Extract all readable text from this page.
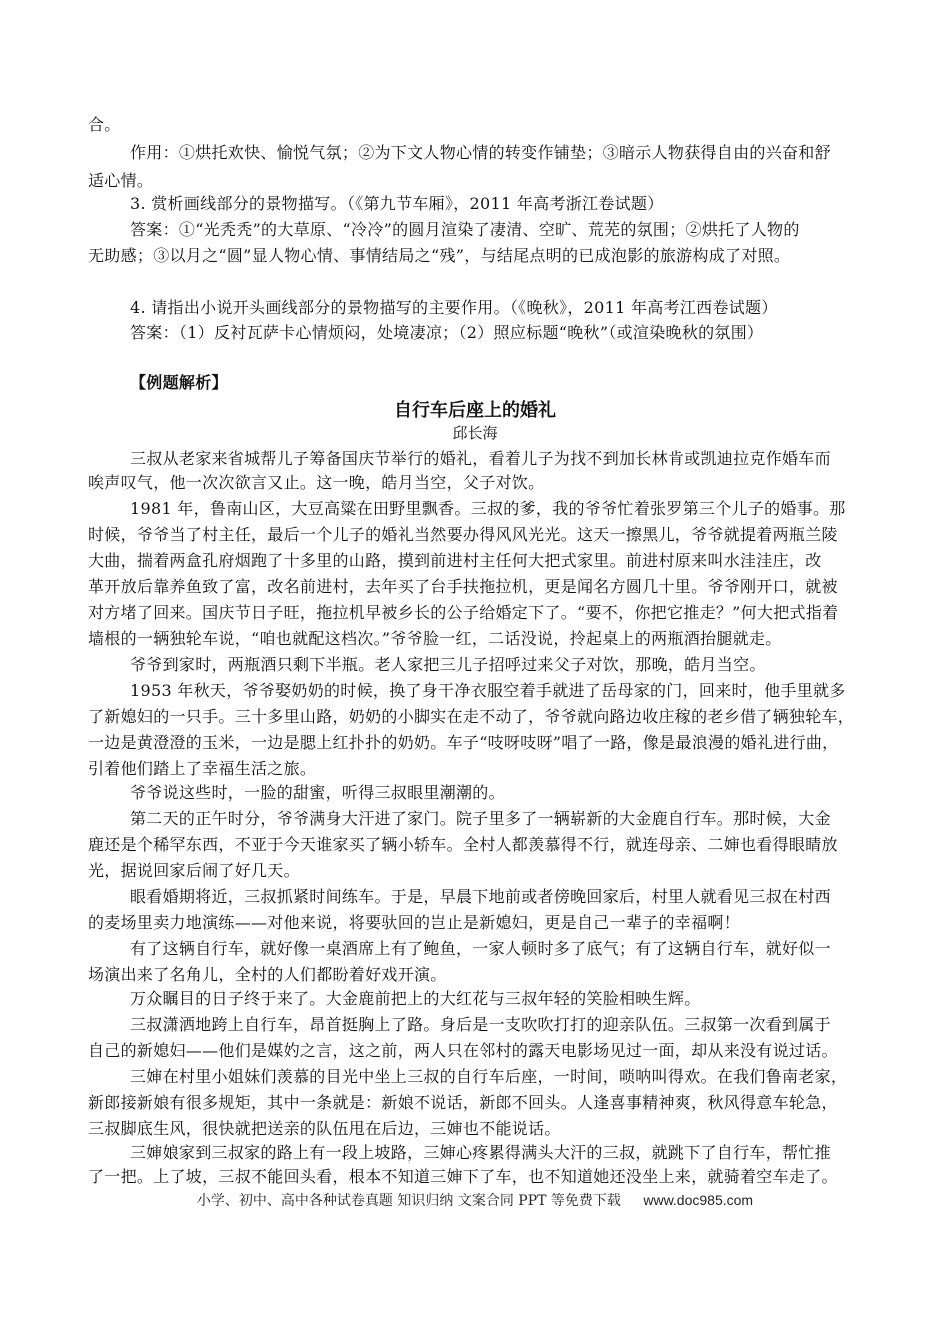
合。
作用：①烘托欢快、愉悦气氛；②为下文人物心情的转变作铺垫；③暗示人物获得自由的兴奋和舒
适心情。
3. 赏析画线部分的景物描写。（《第九节车厢》，2011 年高考浙江卷试题）
答案：①“光秃秃”的大草原、“冷冷”的圆月渲染了凄清、空旷、荒芜的氛围；②烘托了人物的
无助感；③以月之“圆”显人物心情、事情结局之“残”，与结尾点明的已成泡影的旅游构成了对照。
4. 请指出小说开头画线部分的景物描写的主要作用。（《晚秋》，2011 年高考江西卷试题）
答案：（1）反衬瓦萨卡心情烦闷，处境凄凉；（2）照应标题“晚秋”（或渲染晚秋的氛围）
【例题解析】
自行车后座上的婚礼
邱长海
三叔从老家来省城帮儿子筹备国庆节举行的婚礼，看着儿子为找不到加长林肯或凯迪拉克作婚车而
唉声叹气，他一次次欲言又止。这一晚，皓月当空，父子对饮。
1981 年，鲁南山区，大豆高粱在田野里飘香。三叔的爹，我的爷爷忙着张罗第三个儿子的婚事。那
时候，爷爷当了村主任，最后一个儿子的婚礼当然要办得风风光光。这天一擦黑儿，爷爷就提着两瓶兰陵
大曲，揣着两盒孔府烟跑了十多里的山路，摸到前进村主任何大把式家里。前进村原来叫水洼洼庄，改
革开放后靠养鱼致了富，改名前进村，去年买了台手扶拖拉机，更是闻名方圆几十里。爷爷刚开口，就被
对方堵了回来。国庆节日子旺，拖拉机早被乡长的公子给婚定下了。“要不，你把它推走？”何大把式指着
墙根的一辆独轮车说，“咱也就配这档次。”爷爷脸一红，二话没说，拎起桌上的两瓶酒抬腿就走。
爷爷到家时，两瓶酒只剩下半瓶。老人家把三儿子招呼过来父子对饮，那晚，皓月当空。
1953 年秋天，爷爷娶奶奶的时候，换了身干净衣服空着手就进了岳母家的门，回来时，他手里就多
了新媳妇的一只手。三十多里山路，奶奶的小脚实在走不动了，爷爷就向路边收庄稼的老乡借了辆独轮车，
一边是黄澄澄的玉米，一边是腮上红扑扑的奶奶。车子“吱呀吱呀”唱了一路，像是最浪漫的婚礼进行曲，
引着他们踏上了幸福生活之旅。
爷爷说这些时，一脸的甜蜜，听得三叔眼里潮潮的。
第二天的正午时分，爷爷满身大汗进了家门。院子里多了一辆崭新的大金鹿自行车。那时候，大金
鹿还是个稀罕东西，不亚于今天谁家买了辆小轿车。全村人都羡慕得不行，就连母亲、二婶也看得眼睛放
光，据说回家后闹了好几天。
眼看婚期将近，三叔抓紧时间练车。于是，早晨下地前或者傍晚回家后，村里人就看见三叔在村西
的麦场里卖力地演练——对他来说，将要驮回的岂止是新媳妇，更是自己一辈子的幸福啊！
有了这辆自行车，就好像一桌酒席上有了鲍鱼，一家人顿时多了底气；有了这辆自行车，就好似一
场演出来了名角儿，全村的人们都盼着好戏开演。
万众瞩目的日子终于来了。大金鹿前把上的大红花与三叔年轻的笑脸相映生辉。
三叔潇洒地跨上自行车，昂首挺胸上了路。身后是一支吹吹打打的迎亲队伍。三叔第一次看到属于
自己的新媳妇——他们是媒妁之言，这之前，两人只在邻村的露天电影场见过一面，却从来没有说过话。
三婶在村里小姐妹们羡慕的目光中坐上三叔的自行车后座，一时间，唢呐叫得欢。在我们鲁南老家，
新郎接新娘有很多规矩，其中一条就是：新娘不说话，新郎不回头。人逢喜事精神爽，秋风得意车轮急，
三叔脚底生风，很快就把送亲的队伍甩在后边，三婶也不能说话。
三婶娘家到三叔家的路上有一段上坡路，三婶心疼累得满头大汗的三叔，就跳下了自行车，帮忙推
了一把。上了坡，三叔不能回头看，根本不知道三婶下了车，也不知道她还没坐上来，就骑着空车走了。
小学、初中、高中各种试卷真题 知识归纳 文案合同 PPT 等免费下载 www.doc985.com
